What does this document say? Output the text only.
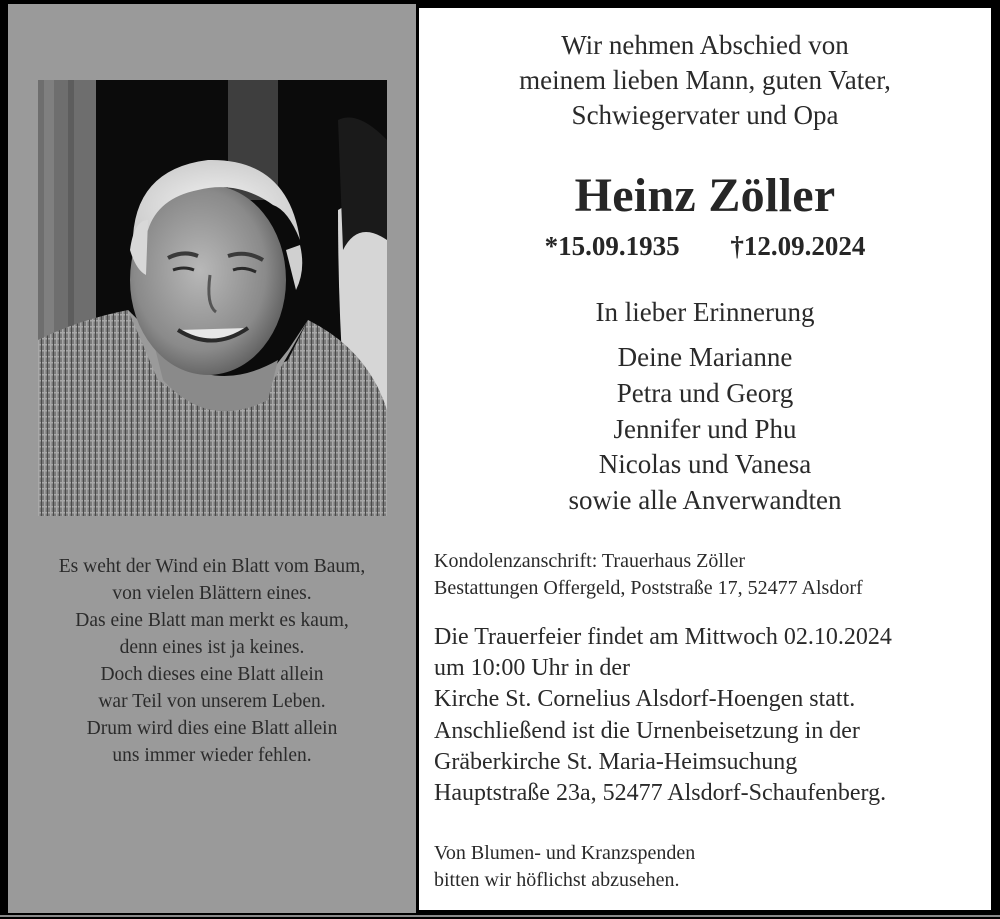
Es weht der Wind ein Blatt vom Baum,
von vielen Blättern eines.
Das eine Blatt man merkt es kaum,
denn eines ist ja keines.
Doch dieses eine Blatt allein
war Teil von unserem Leben.
Drum wird dies eine Blatt allein
uns immer wieder fehlen.
Wir nehmen Abschied von
meinem lieben Mann, guten Vater,
Schwiegervater und Opa
Heinz Zöller
*15.09.1935 †12.09.2024
In lieber Erinnerung
Deine Marianne
Petra und Georg
Jennifer und Phu
Nicolas und Vanesa
sowie alle Anverwandten
Kondolenzanschrift: Trauerhaus Zöller
Bestattungen Offergeld, Poststraße 17, 52477 Alsdorf
Die Trauerfeier findet am Mittwoch 02.10.2024
um 10:00 Uhr in der
Kirche St. Cornelius Alsdorf-Hoengen statt.
Anschließend ist die Urnenbeisetzung in der
Gräberkirche St. Maria-Heimsuchung
Hauptstraße 23a, 52477 Alsdorf-Schaufenberg.
Von Blumen- und Kranzspenden
bitten wir höflichst abzusehen.
